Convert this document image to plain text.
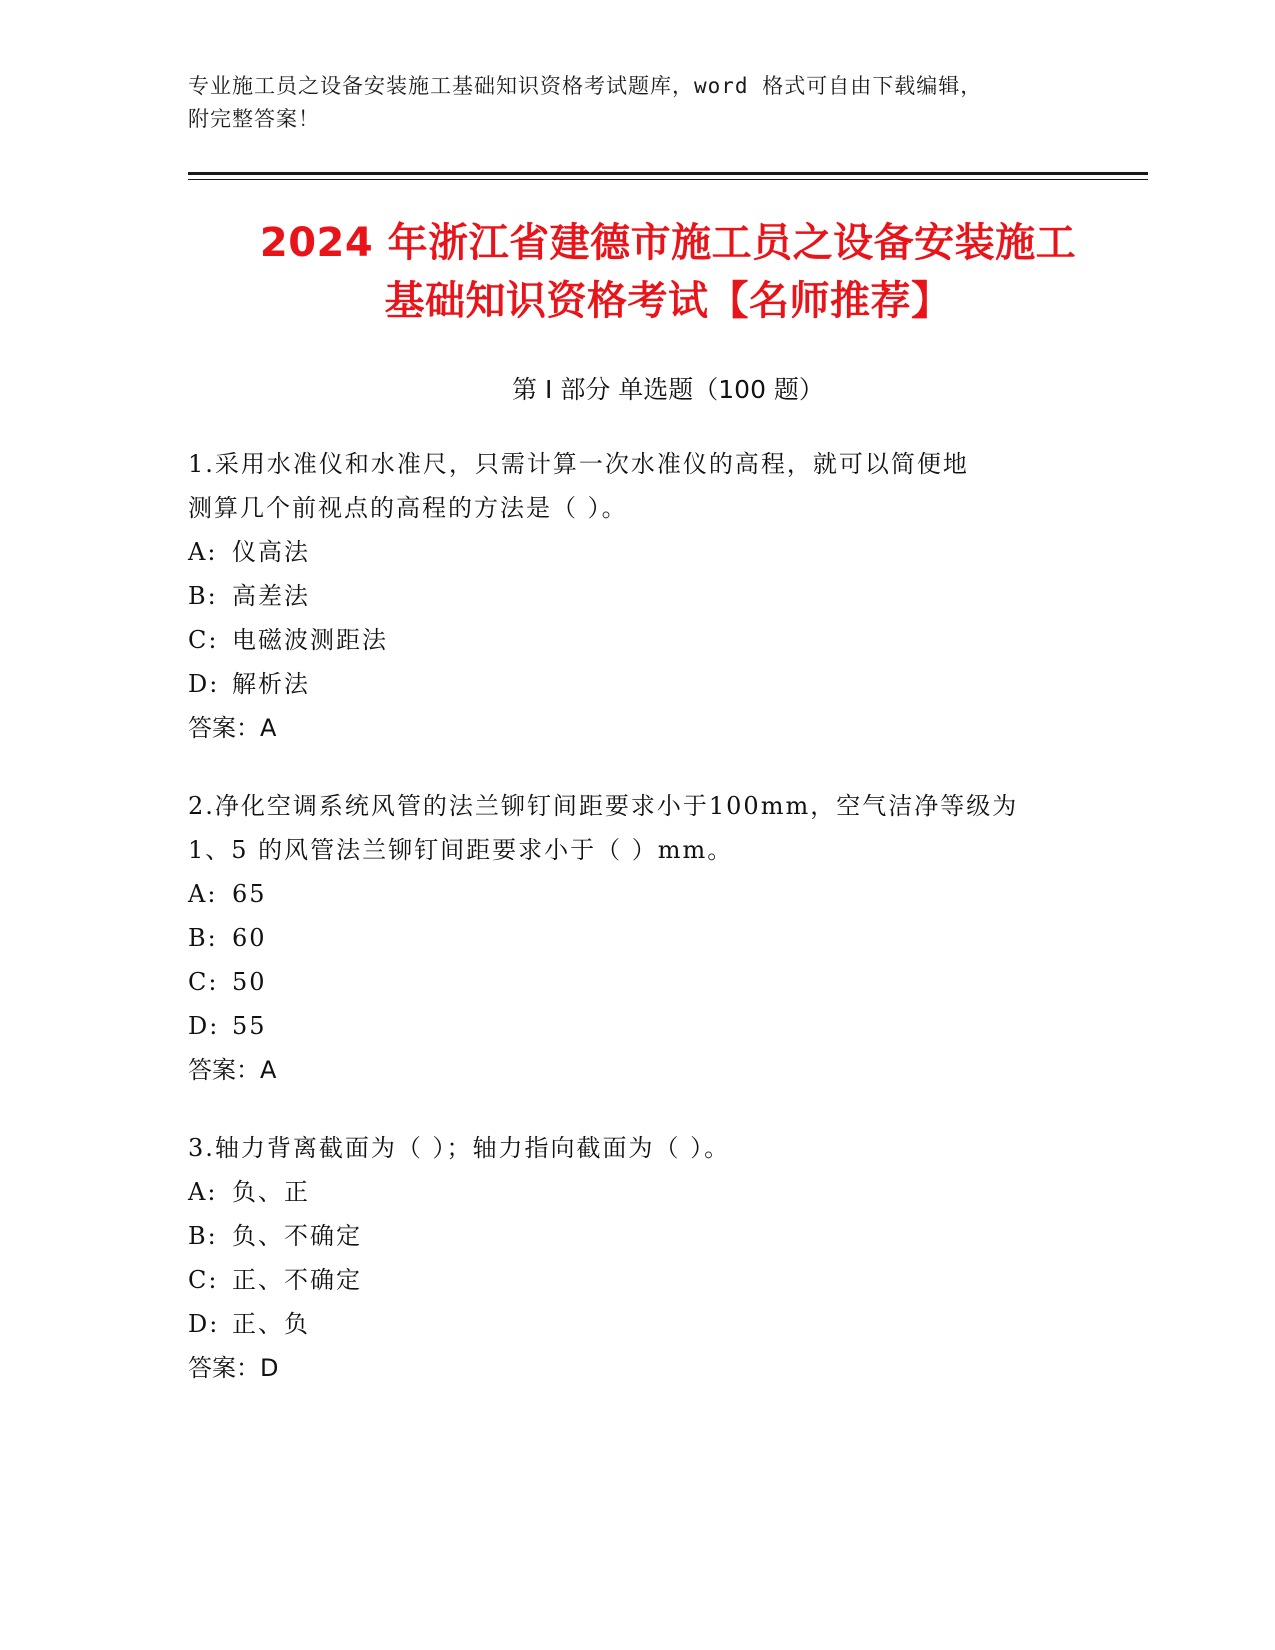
专业施工员之设备安装施工基础知识资格考试题库，word 格式可自由下载编辑，
附完整答案！
2024 年浙江省建德市施工员之设备安装施工
基础知识资格考试【名师推荐】
第 I 部分 单选题（100 题）
1.采用水准仪和水准尺，只需计算一次水准仪的高程，就可以简便地
测算几个前视点的高程的方法是（ ）。
A: 仪高法
B: 高差法
C: 电磁波测距法
D: 解析法
答案：A
2.净化空调系统风管的法兰铆钉间距要求小于100mm，空气洁净等级为
1、5 的风管法兰铆钉间距要求小于（ ）mm。
A: 65
B: 60
C: 50
D: 55
答案：A
3.轴力背离截面为（ ）；轴力指向截面为（ ）。
A: 负、正
B: 负、不确定
C: 正、不确定
D: 正、负
答案：D
